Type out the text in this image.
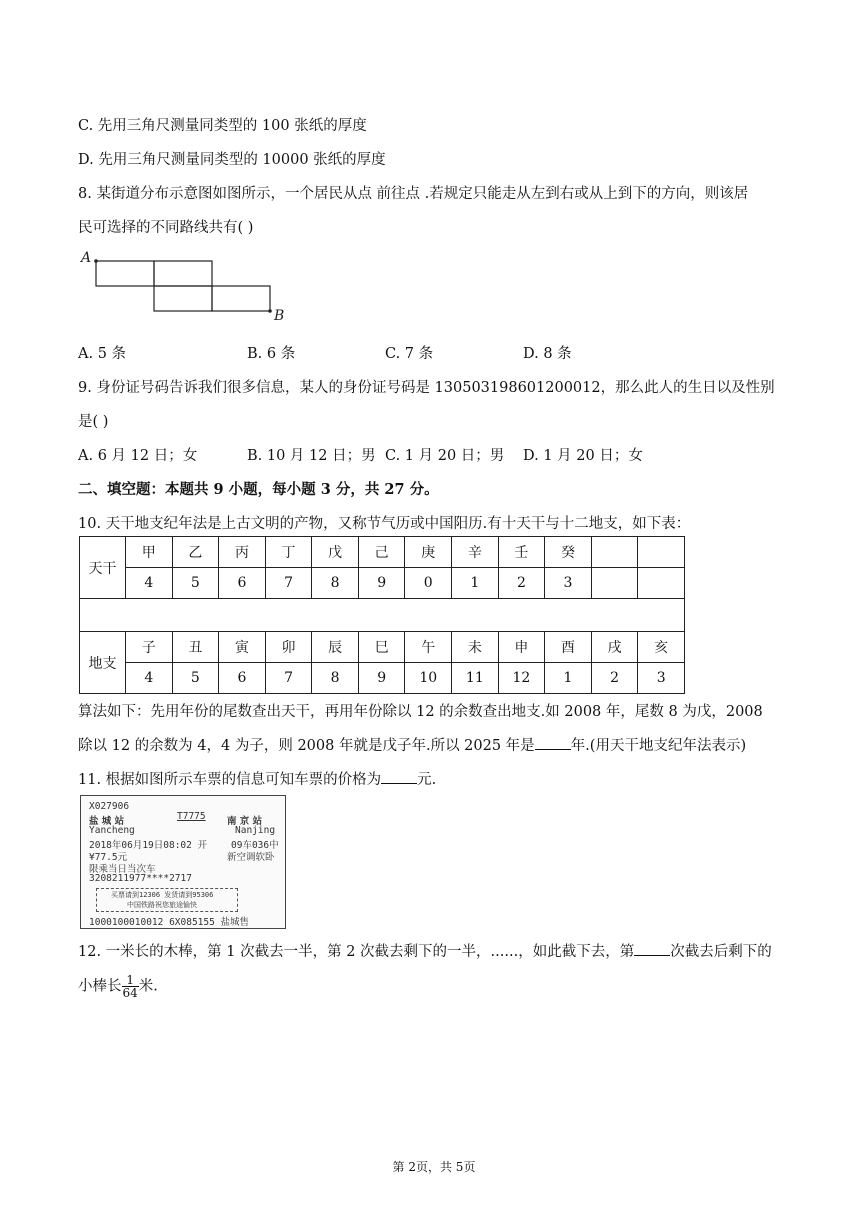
C. 先用三角尺测量同类型的 100 张纸的厚度
D. 先用三角尺测量同类型的 10000 张纸的厚度
8. 某街道分布示意图如图所示，一个居民从点 前往点 .若规定只能走从左到右或从上到下的方向，则该居
民可选择的不同路线共有( )
A
B
A. 5 条	B. 6 条	C. 7 条	D. 8 条
9. 身份证号码告诉我们很多信息，某人的身份证号码是 130503198601200012，那么此人的生日以及性别
是( )
A. 6 月 12 日；女	B. 10 月 12 日；男 C. 1 月 20 日；男 D. 1 月 20 日；女
二、填空题：本题共 9 小题，每小题 3 分，共 27 分。
10. 天干地支纪年法是上古文明的产物，又称节气历或中国阳历.有十天干与十二地支，如下表：
天干	甲	乙	丙	丁	戊	己	庚	辛	壬	癸		
	4	5	6	7	8	9	0	1	2	3		

地支	子	丑	寅	卯	辰	巳	午	未	申	酉	戌	亥
	4	5	6	7	8	9	10	11	12	1	2	3
算法如下：先用年份的尾数查出天干，再用年份除以 12 的余数查出地支.如 2008 年，尾数 8 为戊，2008
除以 12 的余数为 4，4 为子，则 2008 年就是戊子年.所以 2025 年是 年.(用天干地支纪年法表示)
11. 根据如图所示车票的信息可知车票的价格为 元.
X027906
盐 城 站	T7775 南 京 站
Yancheng	Nanjing
2018年06月19日08:02 开	09车036中
¥77.5元	新空调软卧
限乘当日当次车
3208211977****2717
买票请到12306 发货请到95306
中国铁路祝您旅途愉快
1000100010012 6X085155 盐城售
12. 一米长的木棒，第 1 次截去一半，第 2 次截去剩下的一半，......，如此截下去，第 次截去后剩下的
小棒长 $\frac{1}{64}$ 米.
第 2页，共 5页
